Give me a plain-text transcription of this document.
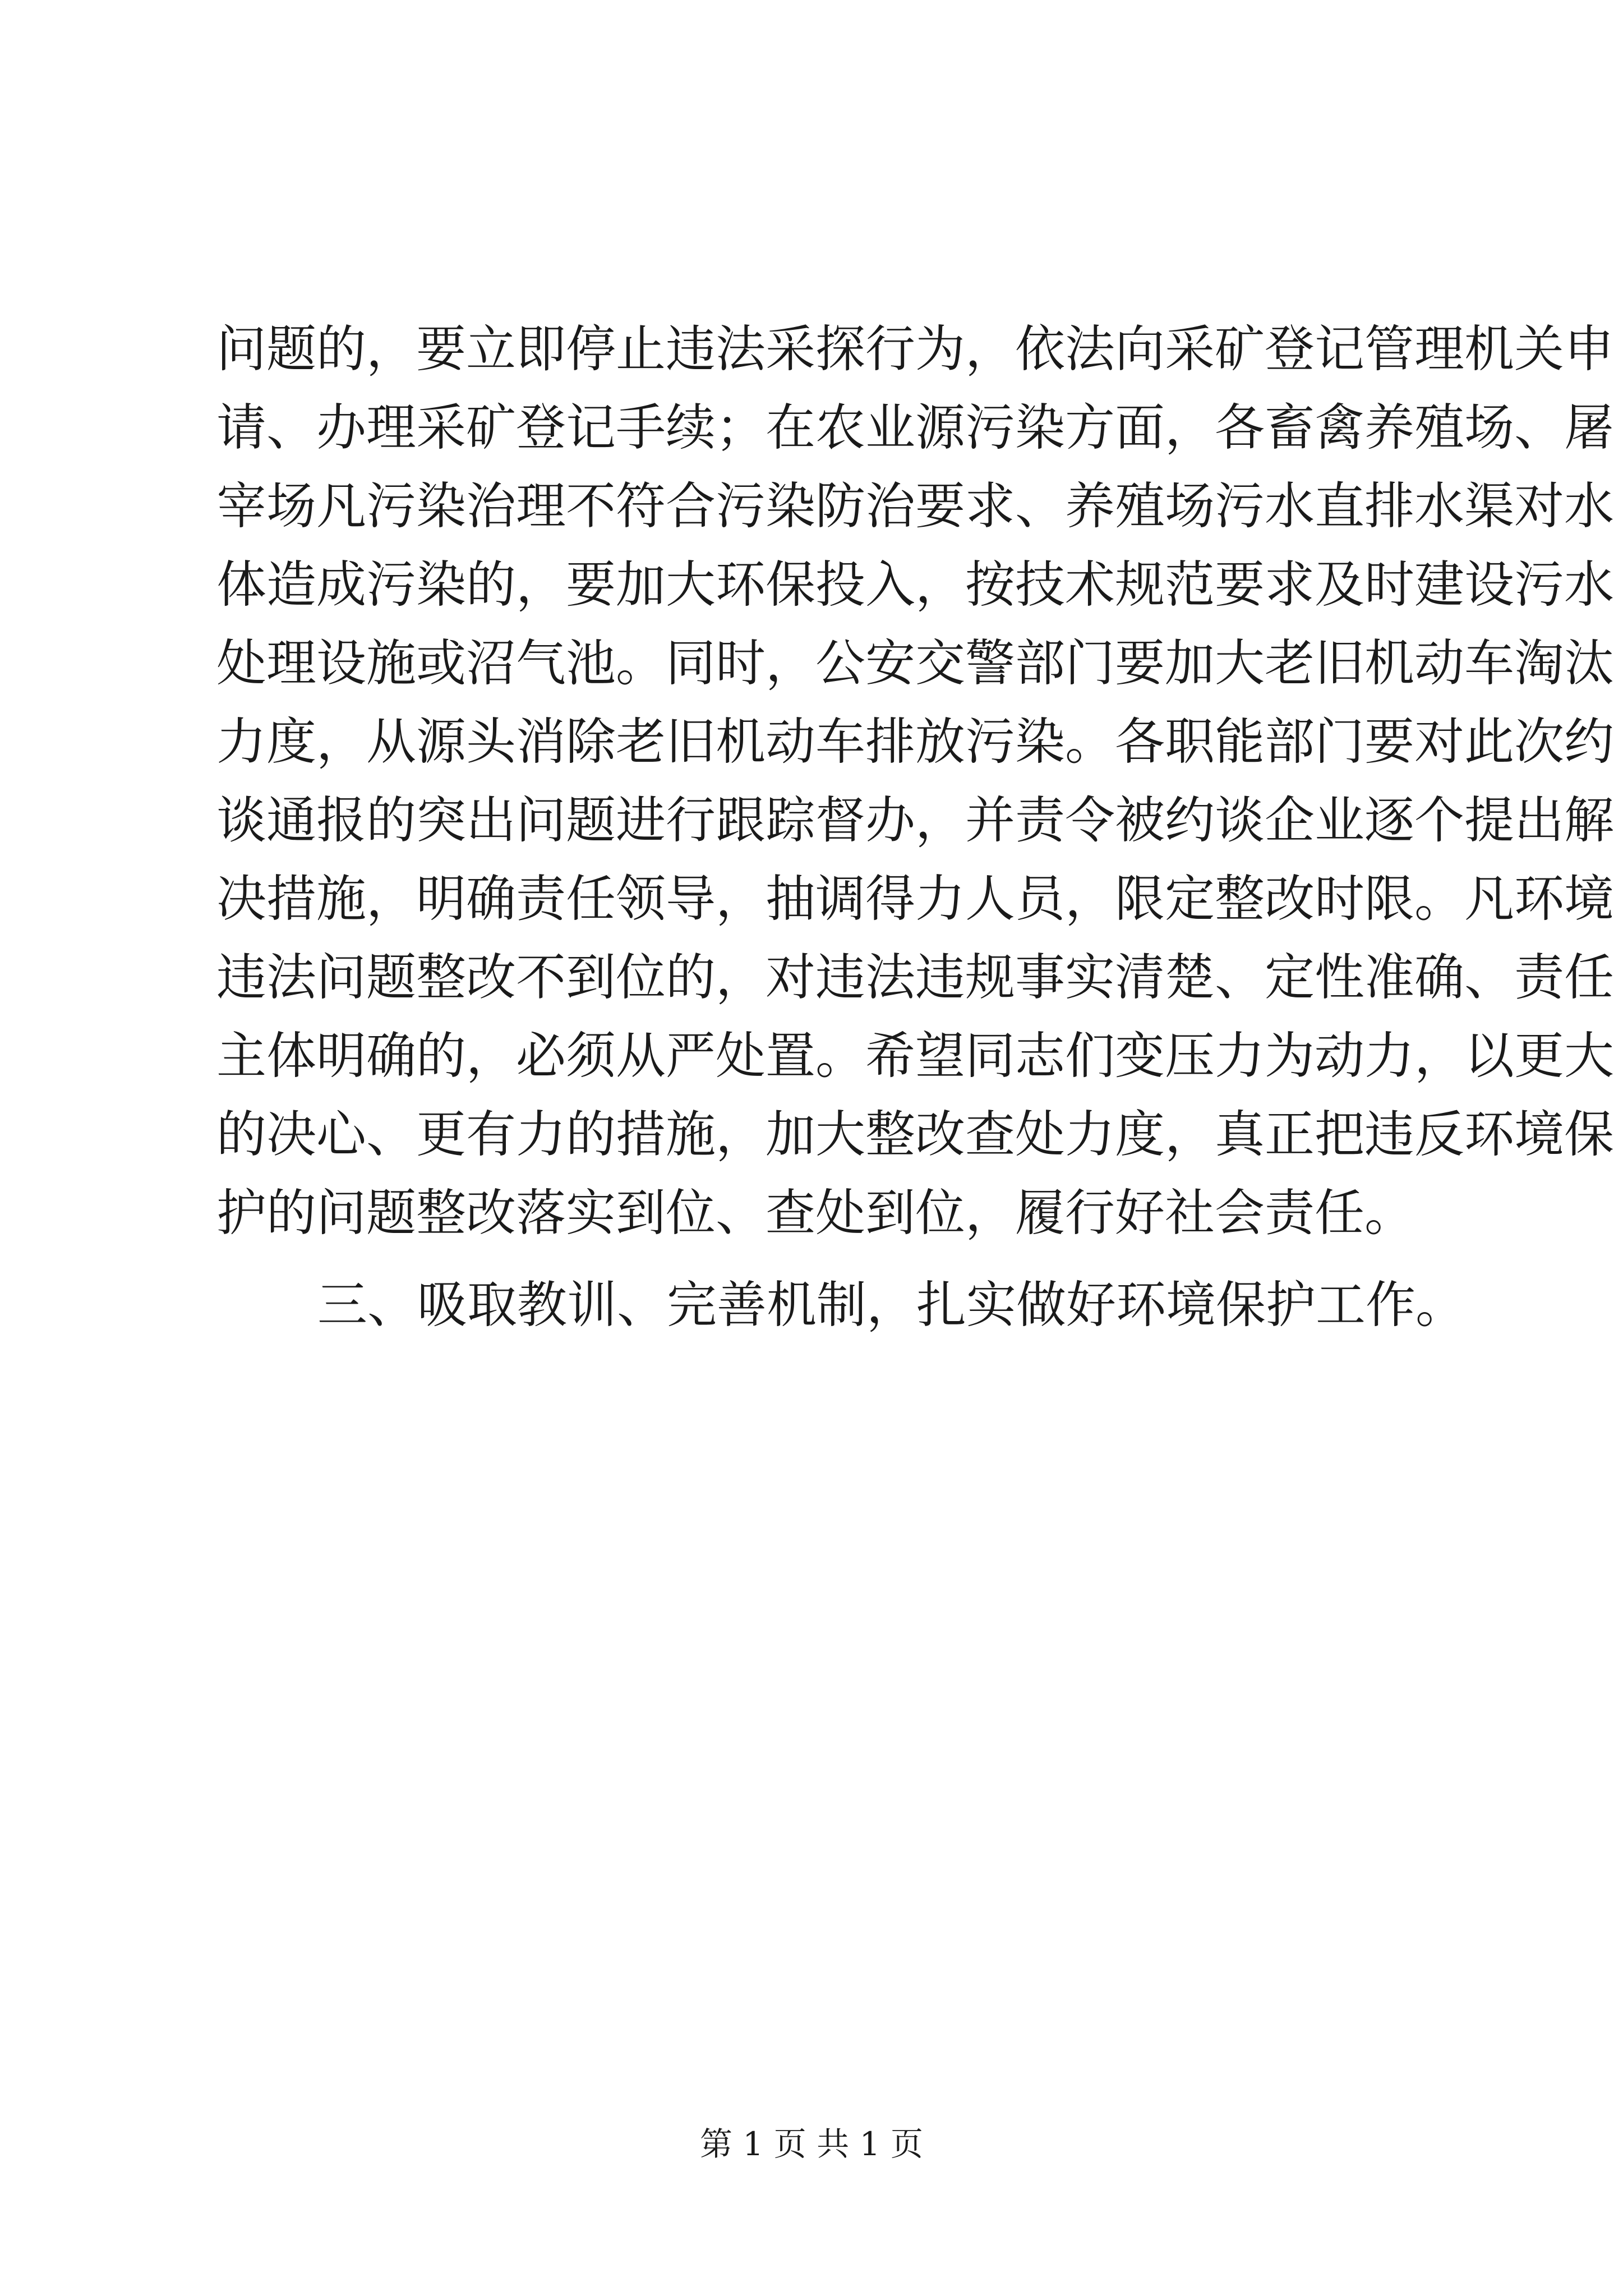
问题的，要立即停止违法采探行为，依法向采矿登记管理机关申
请、办理采矿登记手续；在农业源污染方面，各畜禽养殖场、屠
宰场凡污染治理不符合污染防治要求、养殖场污水直排水渠对水
体造成污染的，要加大环保投入，按技术规范要求及时建设污水
处理设施或沼气池。同时，公安交警部门要加大老旧机动车淘汰
力度，从源头消除老旧机动车排放污染。各职能部门要对此次约
谈通报的突出问题进行跟踪督办，并责令被约谈企业逐个提出解
决措施，明确责任领导，抽调得力人员，限定整改时限。凡环境
违法问题整改不到位的，对违法违规事实清楚、定性准确、责任
主体明确的，必须从严处置。希望同志们变压力为动力，以更大
的决心、更有力的措施，加大整改查处力度，真正把违反环境保
护的问题整改落实到位、查处到位，履行好社会责任。
三、吸取教训、完善机制，扎实做好环境保护工作。
第 1 页 共 1 页
